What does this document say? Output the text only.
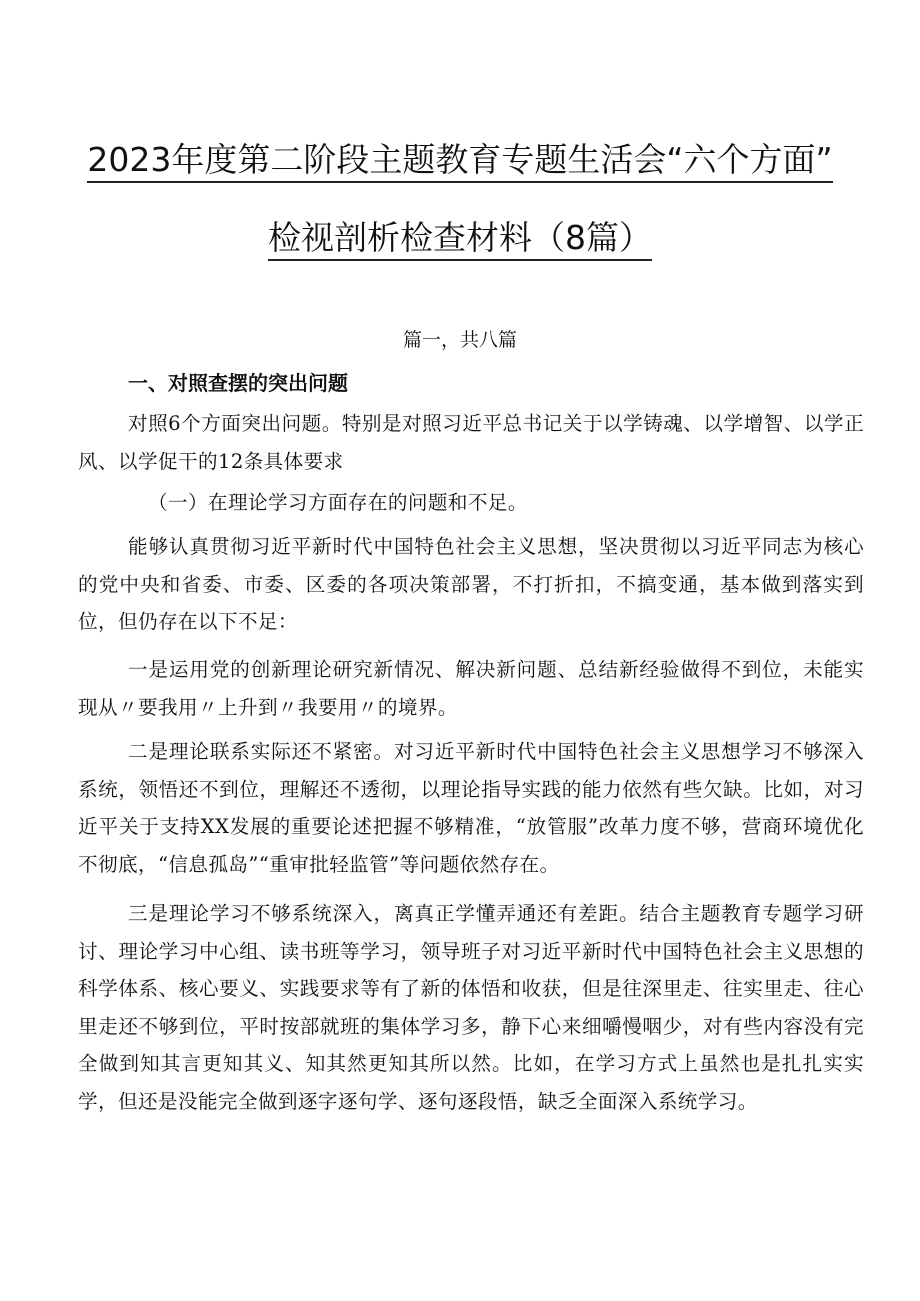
2023年度第二阶段主题教育专题生活会“六个方面”
检视剖析检查材料（8篇）
篇一，共八篇
一、对照查摆的突出问题

对照6个方面突出问题。特别是对照习近平总书记关于以学铸魂、以学增智、以学正风、以学促干的12条具体要求

（一）在理论学习方面存在的问题和不足。

能够认真贯彻习近平新时代中国特色社会主义思想，坚决贯彻以习近平同志为核心的党中央和省委、市委、区委的各项决策部署，不打折扣，不搞变通，基本做到落实到位，但仍存在以下不足：

一是运用党的创新理论研究新情况、解决新问题、总结新经验做得不到位，未能实现从〃要我用〃上升到〃我要用〃的境界。

二是理论联系实际还不紧密。对习近平新时代中国特色社会主义思想学习不够深入系统，领悟还不到位，理解还不透彻，以理论指导实践的能力依然有些欠缺。比如，对习近平关于支持XX发展的重要论述把握不够精准，“放管服”改革力度不够，营商环境优化不彻底，“信息孤岛”“重审批轻监管”等问题依然存在。

三是理论学习不够系统深入，离真正学懂弄通还有差距。结合主题教育专题学习研讨、理论学习中心组、读书班等学习，领导班子对习近平新时代中国特色社会主义思想的科学体系、核心要义、实践要求等有了新的体悟和收获，但是往深里走、往实里走、往心里走还不够到位，平时按部就班的集体学习多，静下心来细嚼慢咽少，对有些内容没有完全做到知其言更知其义、知其然更知其所以然。比如，在学习方式上虽然也是扎扎实实学，但还是没能完全做到逐字逐句学、逐句逐段悟，缺乏全面深入系统学习。
